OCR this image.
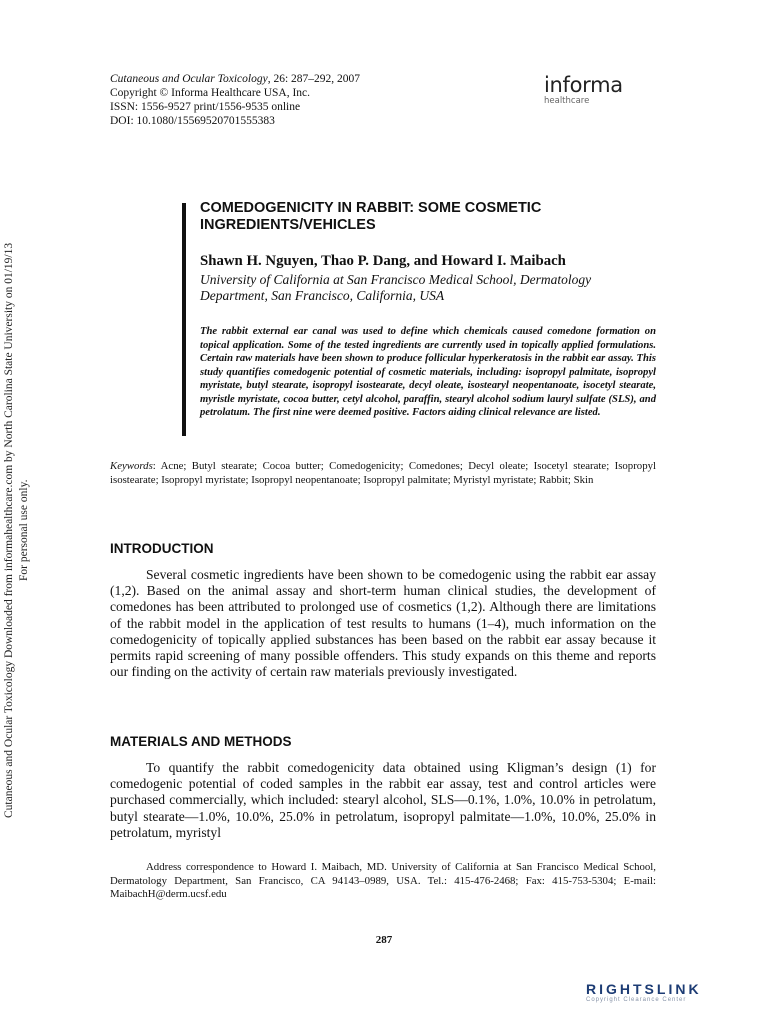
Cutaneous and Ocular Toxicology Downloaded from informahealthcare.com by North Carolina State University on 01/19/13 For personal use only.
Cutaneous and Ocular Toxicology, 26: 287–292, 2007
Copyright © Informa Healthcare USA, Inc.
ISSN: 1556-9527 print/1556-9535 online
DOI: 10.1080/15569520701555383
informa
healthcare
COMEDOGENICITY IN RABBIT: SOME COSMETIC INGREDIENTS/VEHICLES
Shawn H. Nguyen, Thao P. Dang, and Howard I. Maibach
University of California at San Francisco Medical School, Dermatology Department, San Francisco, California, USA
The rabbit external ear canal was used to define which chemicals caused comedone formation on topical application. Some of the tested ingredients are currently used in topically applied formulations. Certain raw materials have been shown to produce follicular hyperkeratosis in the rabbit ear assay. This study quantifies comedogenic potential of cosmetic materials, including: isopropyl palmitate, isopropyl myristate, butyl stearate, isopropyl isostearate, decyl oleate, isostearyl neopentanoate, isocetyl stearate, myristle myristate, cocoa butter, cetyl alcohol, paraffin, stearyl alcohol sodium lauryl sulfate (SLS), and petrolatum. The first nine were deemed positive. Factors aiding clinical relevance are listed.
Keywords: Acne; Butyl stearate; Cocoa butter; Comedogenicity; Comedones; Decyl oleate; Isocetyl stearate; Isopropyl isostearate; Isopropyl myristate; Isopropyl neopentanoate; Isopropyl palmitate; Myristyl myristate; Rabbit; Skin
INTRODUCTION

Several cosmetic ingredients have been shown to be comedogenic using the rabbit ear assay (1,2). Based on the animal assay and short-term human clinical studies, the development of comedones has been attributed to prolonged use of cosmetics (1,2). Although there are limitations of the rabbit model in the application of test results to humans (1–4), much information on the comedogenicity of topically applied substances has been based on the rabbit ear assay because it permits rapid screening of many possible offenders. This study expands on this theme and reports our finding on the activity of certain raw materials previously investigated.

MATERIALS AND METHODS

To quantify the rabbit comedogenicity data obtained using Kligman’s design (1) for comedogenic potential of coded samples in the rabbit ear assay, test and control articles were purchased commercially, which included: stearyl alcohol, SLS—0.1%, 1.0%, 10.0% in petrolatum, butyl stearate—1.0%, 10.0%, 25.0% in petrolatum, isopropyl palmitate—1.0%, 10.0%, 25.0% in petrolatum, myristyl

Address correspondence to Howard I. Maibach, MD. University of California at San Francisco Medical School, Dermatology Department, San Francisco, CA 94143–0989, USA. Tel.: 415-476-2468; Fax: 415-753-5304; E-mail: MaibachH@derm.ucsf.edu

287
RIGHTSLINK
Copyright Clearance Center
